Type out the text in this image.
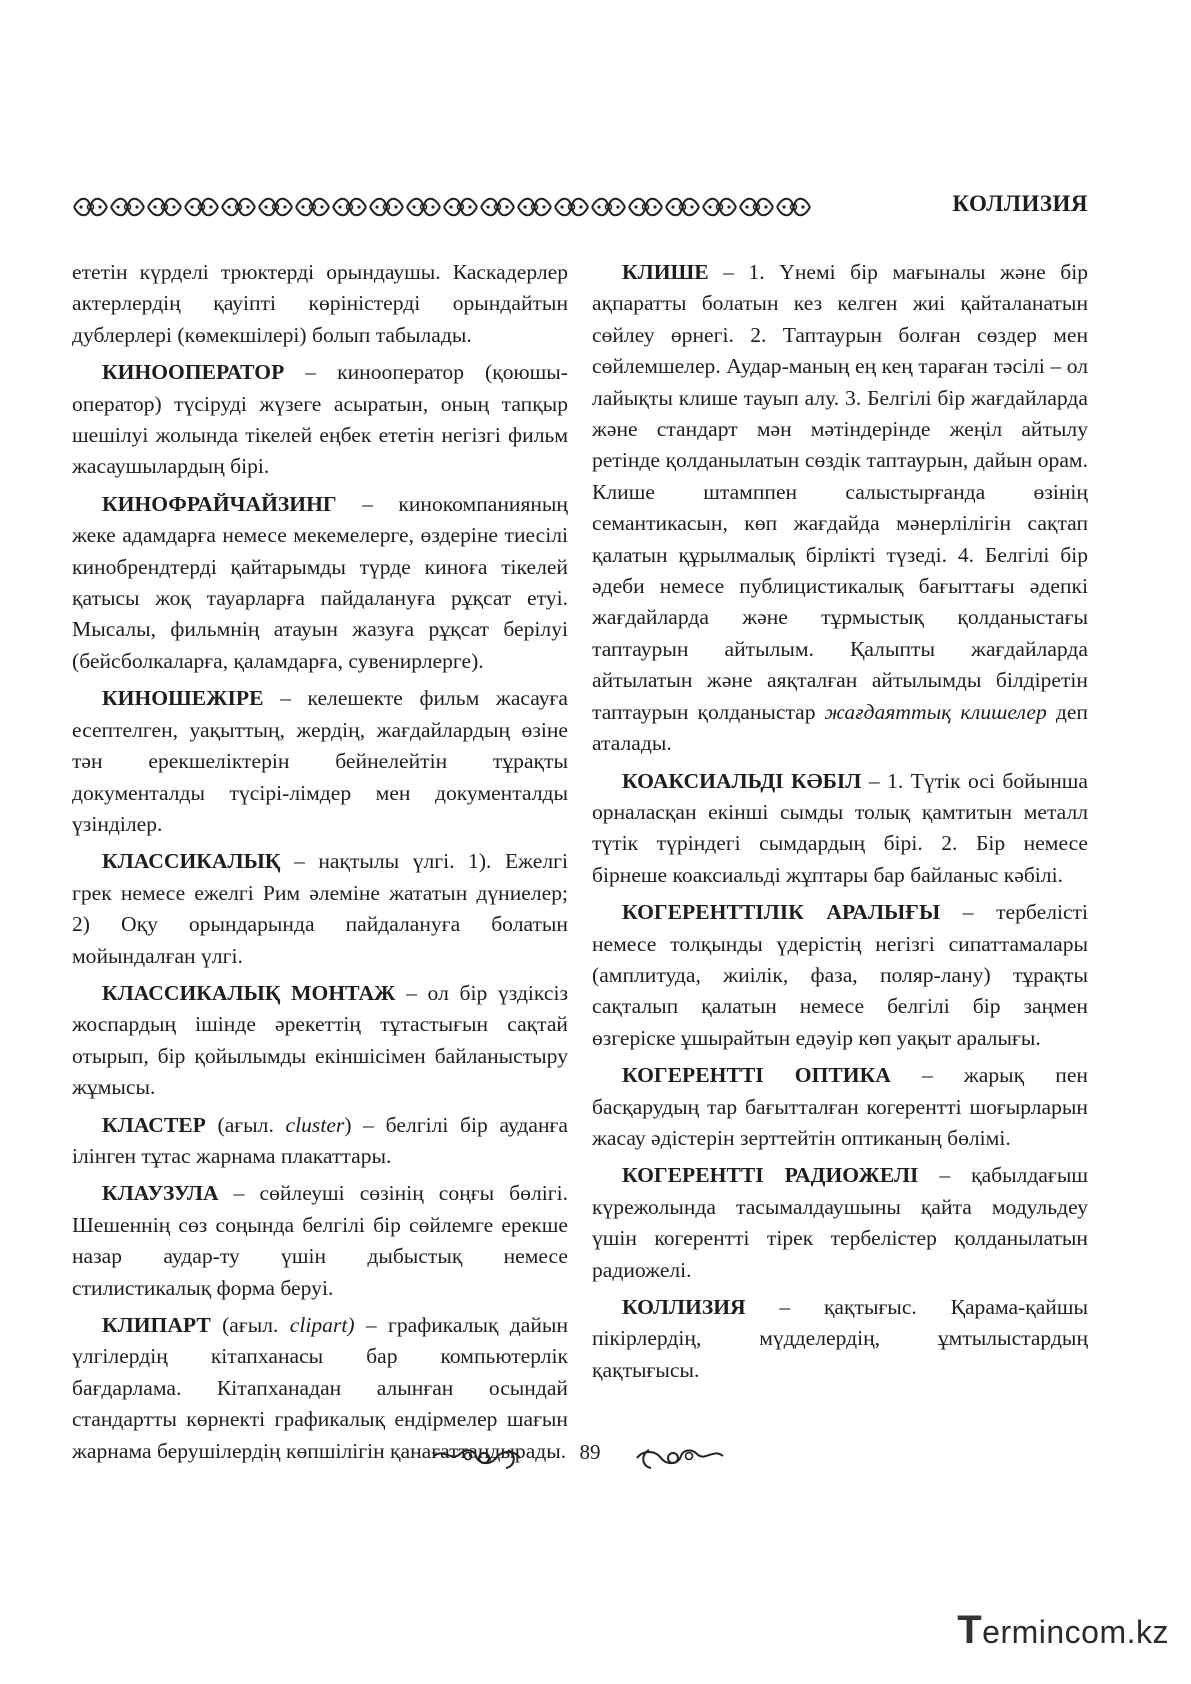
КОЛЛИЗИЯ

ететін күрделі трюктерді орындаушы. Каскадерлер актерлердің қауіпті көріністерді орындайтын дублерлері (көмекшілері) болып табылады.

КИНООПЕРАТОР – кинооператор (қоюшы-оператор) түсіруді жүзеге асыратын, оның тапқыр шешілуі жолында тікелей еңбек ететін негізгі фильм жасаушылардың бірі.

КИНОФРАЙЧАЙЗИНГ – кинокомпанияның жеке адамдарға немесе мекемелерге, өздеріне тиесілі кинобрендтерді қайтарымды түрде киноға тікелей қатысы жоқ тауарларға пайдалануға рұқсат етуі. Мысалы, фильмнің атауын жазуға рұқсат берілуі (бейсболкаларға, қаламдарға, сувенирлерге).

КИНОШЕЖІРЕ – келешекте фильм жасауға есептелген, уақыттың, жердің, жағдайлардың өзіне тән ерекшеліктерін бейнелейтін тұрақты документалды түсірі-лімдер мен документалды үзінділер.

КЛАССИКАЛЫҚ – нақтылы үлгі. 1). Ежелгі грек немесе ежелгі Рим әлеміне жататын дүниелер; 2) Оқу орындарында пайдалануға болатын мойындалған үлгі.

КЛАССИКАЛЫҚ МОНТАЖ – ол бір үздіксіз жоспардың ішінде әрекеттің тұтастығын сақтай отырып, бір қойылымды екіншісімен байланыстыру жұмысы.

КЛАСТЕР (ағыл. cluster) – белгілі бір ауданға ілінген тұтас жарнама плакаттары.

КЛАУЗУЛА – сөйлеуші сөзінің соңғы бөлігі. Шешеннің сөз соңында белгілі бір сөйлемге ерекше назар аудар-ту үшін дыбыстық немесе стилистикалық форма беруі.

КЛИПАРТ (ағыл. clipart) – графикалық дайын үлгілердің кітапханасы бар компьютерлік бағдарлама. Кітапханадан алынған осындай стандартты көрнекті графикалық ендірмелер шағын жарнама берушілердің көпшілігін қанағаттандырады.

КЛИШЕ – 1. Үнемі бір мағыналы және бір ақпаратты болатын кез келген жиі қайталанатын сөйлеу өрнегі. 2. Таптаурын болған сөздер мен сөйлемшелер. Аудар-маның ең кең тараған тәсілі – ол лайықты клише тауып алу. 3. Белгілі бір жағдайларда және стандарт мән мәтіндерінде жеңіл айтылу ретінде қолданылатын сөздік таптаурын, дайын орам. Клише штамппен салыстырғанда өзінің семантикасын, көп жағдайда мәнерлілігін сақтап қалатын құрылмалық бірлікті түзеді. 4. Белгілі бір әдеби немесе публицистикалық бағыттағы әдепкі жағдайларда және тұрмыстық қолданыстағы таптаурын айтылым. Қалыпты жағдайларда айтылатын және аяқталған айтылымды білдіретін таптаурын қолданыстар жағдаяттық клишелер деп аталады.

КОАКСИАЛЬДІ КӘБІЛ – 1. Түтік осі бойынша орналасқан екінші сымды толық қамтитын металл түтік түріндегі сымдардың бірі. 2. Бір немесе бірнеше коаксиальді жұптары бар байланыс кәбілі.

КОГЕРЕНТТІЛІК АРАЛЫҒЫ – тербелісті немесе толқынды үдерістің негізгі сипаттамалары (амплитуда, жиілік, фаза, поляр-лану) тұрақты сақталып қалатын немесе белгілі бір заңмен өзгеріске ұшырайтын едәуір көп уақыт аралығы.

КОГЕРЕНТТІ ОПТИКА – жарық пен басқарудың тар бағытталған когеренттi шоғырларын жасау әдістерін зерттейтін оптиканың бөлімі.

КОГЕРЕНТТІ РАДИОЖЕЛІ – қабылдағыш күрежолында тасымалдаушыны қайта модульдеу үшін когерентті тірек тербелістер қолданылатын радиожелі.

КОЛЛИЗИЯ – қақтығыс. Қарама-қайшы пікірлердің, мүдделердің, ұмтылыстардың қақтығысы.

89
Termincom.kz
